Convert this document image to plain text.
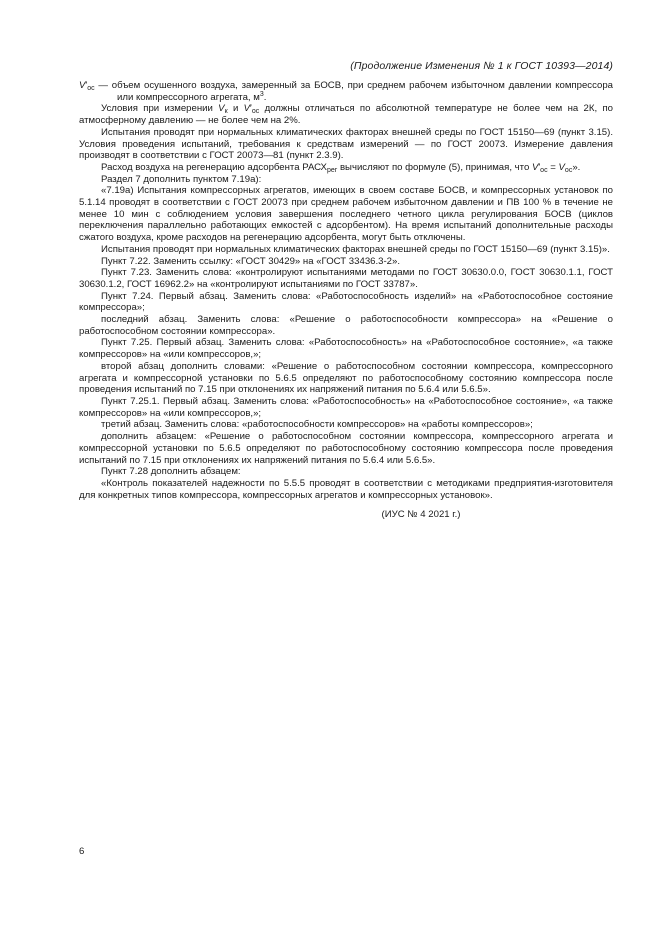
(Продолжение Изменения № 1 к ГОСТ 10393—2014)

$V'_{ос}$ — объем осушенного воздуха, замеренный за БОСВ, при среднем рабочем избыточном давлении компрессора или компрессорного агрегата, $м^3$.

Условия при измерении $V_к$ и $V'_{ос}$ должны отличаться по абсолютной температуре не более чем на 2К, по атмосферному давлению — не более чем на 2%.

Испытания проводят при нормальных климатических факторах внешней среды по ГОСТ 15150—69 (пункт 3.15). Условия проведения испытаний, требования к средствам измерений — по ГОСТ 20073. Измерение давления производят в соответствии с ГОСТ 20073—81 (пункт 2.3.9).

Расход воздуха на регенерацию адсорбента $РАСХ_{рег}$ вычисляют по формуле (5), принимая, что $V'_{ос} = V_{ос}$».

Раздел 7 дополнить пунктом 7.19а):

«7.19а) Испытания компрессорных агрегатов, имеющих в своем составе БОСВ, и компрессорных установок по 5.1.14 проводят в соответствии с ГОСТ 20073 при среднем рабочем избыточном давлении и ПВ 100 % в течение не менее 10 мин с соблюдением условия завершения последнего четного цикла регулирования БОСВ (циклов переключения параллельно работающих емкостей с адсорбентом). На время испытаний дополнительные расходы сжатого воздуха, кроме расходов на регенерацию адсорбента, могут быть отключены.

Испытания проводят при нормальных климатических факторах внешней среды по ГОСТ 15150—69 (пункт 3.15)».

Пункт 7.22. Заменить ссылку: «ГОСТ 30429» на «ГОСТ 33436.3-2».

Пункт 7.23. Заменить слова: «контролируют испытаниями методами по ГОСТ 30630.0.0, ГОСТ 30630.1.1, ГОСТ 30630.1.2, ГОСТ 16962.2» на «контролируют испытаниями по ГОСТ 33787».

Пункт 7.24. Первый абзац. Заменить слова: «Работоспособность изделий» на «Работоспособное состояние компрессора»;

последний абзац. Заменить слова: «Решение о работоспособности компрессора» на «Решение о работоспособном состоянии компрессора».

Пункт 7.25. Первый абзац. Заменить слова: «Работоспособность» на «Работоспособное состояние», «а также компрессоров» на «или компрессоров,»;

второй абзац дополнить словами: «Решение о работоспособном состоянии компрессора, компрессорного агрегата и компрессорной установки по 5.6.5 определяют по работоспособному состоянию компрессора после проведения испытаний по 7.15 при отклонениях их напряжений питания по 5.6.4 или 5.6.5».

Пункт 7.25.1. Первый абзац. Заменить слова: «Работоспособность» на «Работоспособное состояние», «а также компрессоров» на «или компрессоров,»;

третий абзац. Заменить слова: «работоспособности компрессоров» на «работы компрессоров»;

дополнить абзацем: «Решение о работоспособном состоянии компрессора, компрессорного агрегата и компрессорной установки по 5.6.5 определяют по работоспособному состоянию компрессора после проведения испытаний по 7.15 при отклонениях их напряжений питания по 5.6.4 или 5.6.5».

Пункт 7.28 дополнить абзацем:

«Контроль показателей надежности по 5.5.5 проводят в соответствии с методиками предприятия-изготовителя для конкретных типов компрессора, компрессорных агрегатов и компрессорных установок».

(ИУС № 4 2021 г.)

6
